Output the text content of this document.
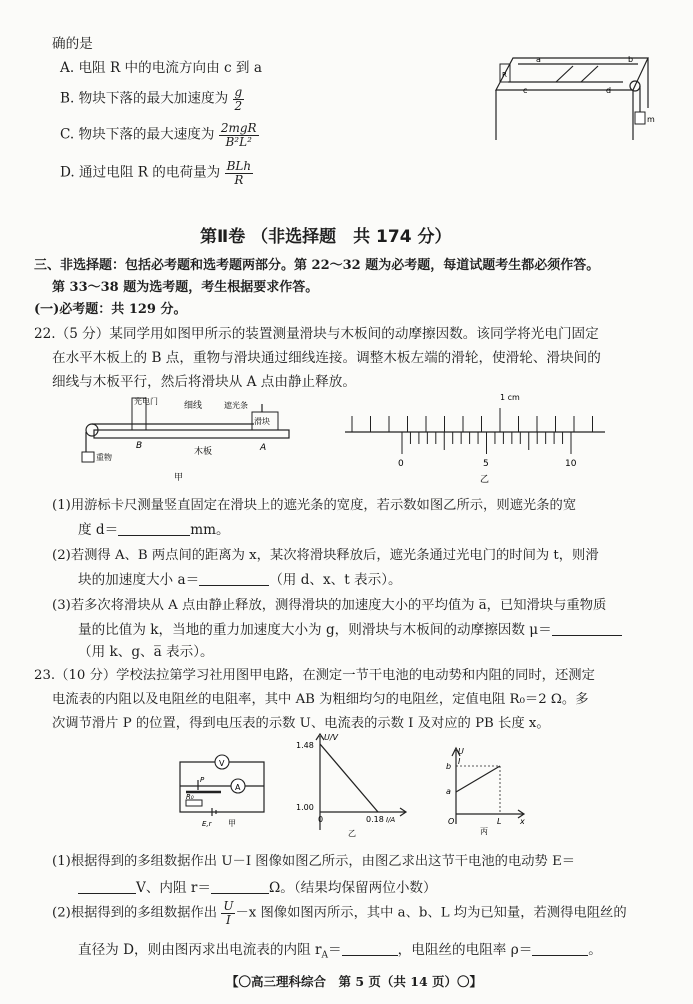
确的是
A. 电阻 R 中的电流方向由 c 到 a
B. 物块下落的最大加速度为 $\frac{g}{2}$
C. 物块下落的最大速度为 $\frac{\text{2mgR}}{\text{B²L²}}$
D. 通过电阻 R 的电荷量为 $\frac{\text{BLh}}{R}$
a	b
c	d
m
R
第Ⅱ卷 （非选择题　共 174 分）
三、非选择题：包括必考题和选考题两部分。第 22～32 题为必考题，每道试题考生都必须作答。
第 33～38 题为选考题，考生根据要求作答。
(一)必考题：共 129 分。
22.（5 分）某同学用如图甲所示的装置测量滑块与木板间的动摩擦因数。该同学将光电门固定
在水平木板上的 B 点，重物与滑块通过细线连接。调整木板左端的滑轮，使滑轮、滑块间的
细线与木板平行，然后将滑块从 A 点由静止释放。
光电门	细线	遮光条
滑块
B	A
重物
木板
甲
1 cm
0	5	10
乙
(1)用游标卡尺测量竖直固定在滑块上的遮光条的宽度，若示数如图乙所示，则遮光条的宽
度 d＝	mm。
(2)若测得 A、B 两点间的距离为 x，某次将滑块释放后，遮光条通过光电门的时间为 t，则滑
块的加速度大小 a＝	（用 d、x、t 表示）。
(3)若多次将滑块从 A 点由静止释放，测得滑块的加速度大小的平均值为 a̅，已知滑块与重物质
量的比值为 k，当地的重力加速度大小为 g，则滑块与木板间的动摩擦因数 μ＝
（用 k、g、a̅ 表示）。
23.（10 分）学校法拉第学习社用图甲电路，在测定一节干电池的电动势和内阻的同时，还测定
电流表的内阻以及电阻丝的电阻率，其中 AB 为粗细均匀的电阻丝，定值电阻 R₀＝2 Ω。多
次调节滑片 P 的位置，得到电压表的示数 U、电流表的示数 I 及对应的 PB 长度 x。
V
A
P
R₀
E,r 甲
U/V
1.48
1.00
0	0.18 I/A
乙
U
I
b
a
O	L x
丙
(1)根据得到的多组数据作出 U－I 图像如图乙所示，由图乙求出这节干电池的电动势 E＝
V、内阻 r＝	Ω。（结果均保留两位小数）
(2)根据得到的多组数据作出 $\frac{U}{I} -x$ 图像如图丙所示，其中 a、b、L 均为已知量，若测得电阻丝的
直径为 D，则由图丙求出电流表的内阻 $r_A=$	，电阻丝的电阻率 ρ＝	。
【〇高三理科综合　第 5 页（共 14 页）〇】
